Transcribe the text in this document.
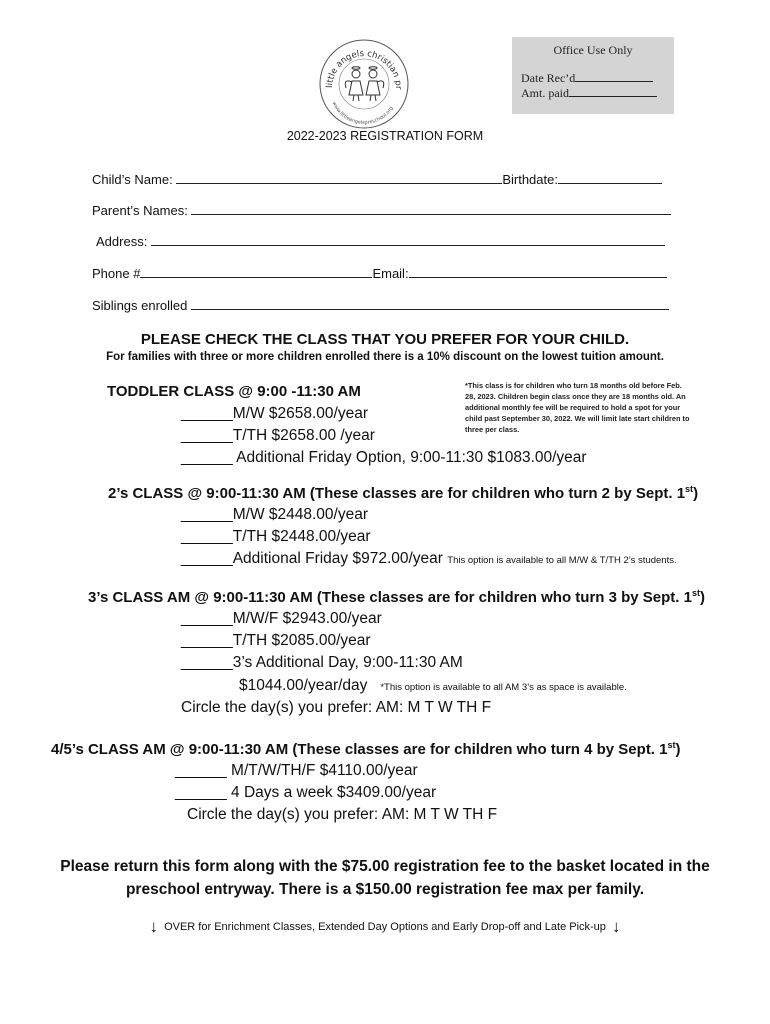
little angels christian pr
www.littleangelspreschool.org
Office Use Only
Date Rec’d
Amt. paid
2022-2023 REGISTRATION FORM
Child’s Name:	Birthdate:
Parent’s Names:
Address:
Phone #	Email:
Siblings enrolled
PLEASE CHECK THE CLASS THAT YOU PREFER FOR YOUR CHILD.
For families with three or more children enrolled there is a 10% discount on the lowest tuition amount.
TODDLER CLASS @ 9:00 -11:30 AM	*This class is for children who turn 18 months old before Feb. 28, 2023. Children begin class once they are 18 months old. An additional monthly fee will be required to hold a spot for your child past September 30, 2022. We will limit late start children to three per class.
______M/W $2658.00/year
______T/TH $2658.00 /year
______ Additional Friday Option, 9:00-11:30 $1083.00/year
2’s CLASS @ 9:00-11:30 AM (These classes are for children who turn 2 by Sept. 1st)
______M/W $2448.00/year
______T/TH $2448.00/year
______Additional Friday $972.00/year This option is available to all M/W & T/TH 2’s students.
3’s CLASS AM @ 9:00-11:30 AM (These classes are for children who turn 3 by Sept. 1st)
______M/W/F $2943.00/year
______T/TH $2085.00/year
______3’s Additional Day, 9:00-11:30 AM
$1044.00/year/day *This option is available to all AM 3’s as space is available.
Circle the day(s) you prefer: AM: M T W TH F
4/5’s CLASS AM @ 9:00-11:30 AM (These classes are for children who turn 4 by Sept. 1st)
______ M/T/W/TH/F $4110.00/year
______ 4 Days a week $3409.00/year
Circle the day(s) you prefer: AM: M T W TH F
Please return this form along with the $75.00 registration fee to the basket located in the
preschool entryway. There is a $150.00 registration fee max per family.
↓ OVER for Enrichment Classes, Extended Day Options and Early Drop-off and Late Pick-up ↓
